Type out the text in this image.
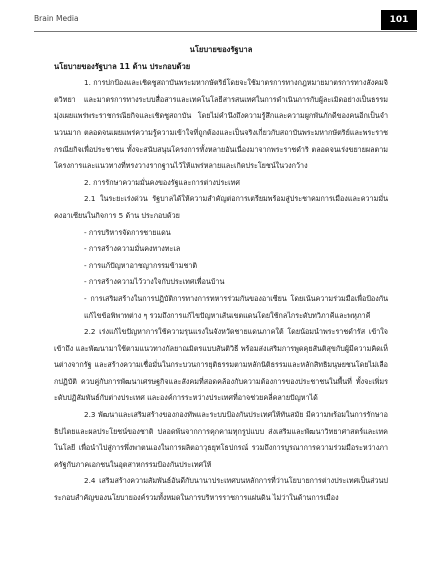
Brain Media	101

นโยบายของรัฐบาล

นโยบายของรัฐบาล 11 ด้าน ประกอบด้วย

1. การปกป้องและเชิดชูสถาบันพระมหากษัตริย์โดยจะใช้มาตรการทางกฎหมายมาตรการทางสังคมจิตวิทยา และมาตรการทางระบบสื่อสารและเทคโนโลยีสารสนเทศในการดำเนินการกับผู้ละเมิดอย่างเป็นธรรม มุ่งเผยแพร่พระราชกรณียกิจและเชิดชูสถาบัน โดยไม่คำนึงถึงความรู้สึกและความผูกพันภักดีของคนอีกเป็นจำนวนมาก ตลอดจนเผยแพร่ความรู้ความเข้าใจที่ถูกต้องและเป็นจริงเกี่ยวกับสถาบันพระมหากษัตริย์และพระราชกรณียกิจเพื่อประชาชน ทั้งจะสนับสนุนโครงการทั้งหลายอันเนื่องมาจากพระราชดำริ ตลอดจนเร่งขยายผลตามโครงการและแนวทางที่ทรงวางรากฐานไว้ให้แพร่หลายและเกิดประโยชน์ในวงกว้าง

2. การรักษาความมั่นคงของรัฐและการต่างประเทศ

2.1 ในระยะเร่งด่วน รัฐบาลได้ให้ความสำคัญต่อการเตรียมพร้อมสู่ประชาคมการเมืองและความมั่นคงอาเซียนในกิจการ 5 ด้าน ประกอบด้วย

- การบริหารจัดการชายแดน

- การสร้างความมั่นคงทางทะเล

- การแก้ปัญหาอาชญากรรมข้ามชาติ

- การสร้างความไว้วางใจกับประเทศเพื่อนบ้าน

- การเสริมสร้างในการปฏิบัติการทางการทหารร่วมกันของอาเซียน โดยเน้นความร่วมมือเพื่อป้องกัน แก้ไขข้อพิพาทต่าง ๆ รวมถึงการแก้ไขปัญหาเส้นเขตแดนโดยใช้กลไกระดับทวิภาคีและพหุภาคี

2.2 เร่งแก้ไขปัญหาการใช้ความรุนแรงในจังหวัดชายแดนภาคใต้ โดยน้อมนำพระราชดำรัส เข้าใจ เข้าถึง และพัฒนามาใช้ตามแนวทางกัลยาณมิตรแบบสันติวิธี พร้อมส่งเสริมการพูดคุยสันติสุขกับผู้มีความคิดเห็นต่างจากรัฐ และสร้างความเชื่อมั่นในกระบวนการยุติธรรมตามหลักนิติธรรมและหลักสิทธิมนุษยชนโดยไม่เลือกปฏิบัติ ควบคู่กับการพัฒนาเศรษฐกิจและสังคมที่สอดคล้องกับความต้องการของประชาชนในพื้นที่ ทั้งจะเพิ่มระดับปฏิสัมพันธ์กับต่างประเทศ และองค์การระหว่างประเทศที่อาจช่วยคลี่คลายปัญหาได้

2.3 พัฒนาและเสริมสร้างของกองทัพและระบบป้องกันประเทศให้ทันสมัย มีความพร้อมในการรักษาอธิปไตยและผลประโยชน์ของชาติ ปลอดพ้นจากการคุกคามทุกรูปแบบ ส่งเสริมและพัฒนาวิทยาศาสตร์และเทคโนโลยี เพื่อนำไปสู่การพึ่งพาตนเองในการผลิตอาวุธยุทโธปกรณ์ รวมถึงการบูรณาการความร่วมมือระหว่างภาครัฐกับภาคเอกชนในอุตสาหกรรมป้องกันประเทศให้

2.4 เสริมสร้างความสัมพันธ์อันดีกับนานาประเทศบนหลักการที่ว่านโยบายการต่างประเทศเป็นส่วนประกอบสำคัญของนโยบายองค์รวมทั้งหมดในการบริหารราชการแผ่นดิน ไม่ว่าในด้านการเมือง
